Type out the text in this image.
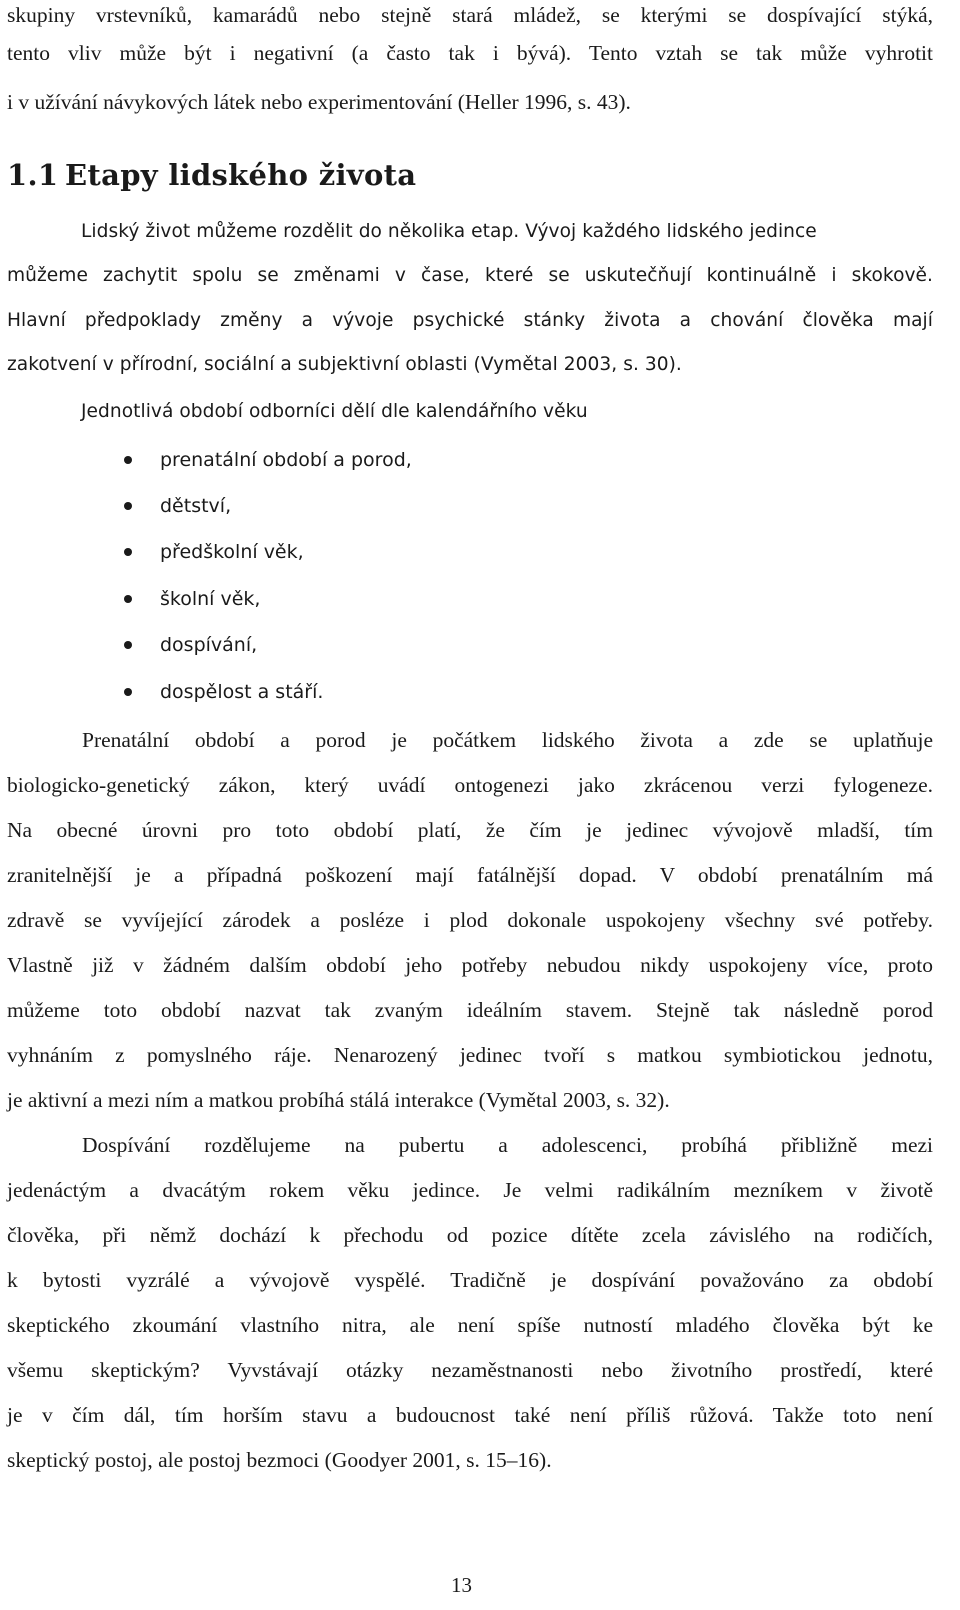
skupiny vrstevníků, kamarádů nebo stejně stará mládež, se kterými se dospívající stýká,
tento vliv může být i negativní (a často tak i bývá). Tento vztah se tak může vyhrotit
i v užívání návykových látek nebo experimentování (Heller 1996, s. 43).
1.1 Etapy lidského života
Lidský život můžeme rozdělit do několika etap. Vývoj každého lidského jedince
můžeme zachytit spolu se změnami v čase, které se uskutečňují kontinuálně i skokově.
Hlavní předpoklady změny a vývoje psychické stánky života a chování člověka mají
zakotvení v přírodní, sociální a subjektivní oblasti (Vymětal 2003, s. 30).
Jednotlivá období odborníci dělí dle kalendářního věku
prenatální období a porod,
dětství,
předškolní věk,
školní věk,
dospívání,
dospělost a stáří.
Prenatální období a porod je počátkem lidského života a zde se uplatňuje
biologicko-genetický zákon, který uvádí ontogenezi jako zkrácenou verzi fylogeneze.
Na obecné úrovni pro toto období platí, že čím je jedinec vývojově mladší, tím
zranitelnější je a případná poškození mají fatálnější dopad. V období prenatálním má
zdravě se vyvíjející zárodek a posléze i plod dokonale uspokojeny všechny své potřeby.
Vlastně již v žádném dalším období jeho potřeby nebudou nikdy uspokojeny více, proto
můžeme toto období nazvat tak zvaným ideálním stavem. Stejně tak následně porod
vyhnáním z pomyslného ráje. Nenarozený jedinec tvoří s matkou symbiotickou jednotu,
je aktivní a mezi ním a matkou probíhá stálá interakce (Vymětal 2003, s. 32).
Dospívání rozdělujeme na pubertu a adolescenci, probíhá přibližně mezi
jedenáctým a dvacátým rokem věku jedince. Je velmi radikálním mezníkem v životě
člověka, při němž dochází k přechodu od pozice dítěte zcela závislého na rodičích,
k bytosti vyzrálé a vývojově vyspělé. Tradičně je dospívání považováno za období
skeptického zkoumání vlastního nitra, ale není spíše nutností mladého člověka být ke
všemu skeptickým? Vyvstávají otázky nezaměstnanosti nebo životního prostředí, které
je v čím dál, tím horším stavu a budoucnost také není příliš růžová. Takže toto není
skeptický postoj, ale postoj bezmoci (Goodyer 2001, s. 15–16).
13
